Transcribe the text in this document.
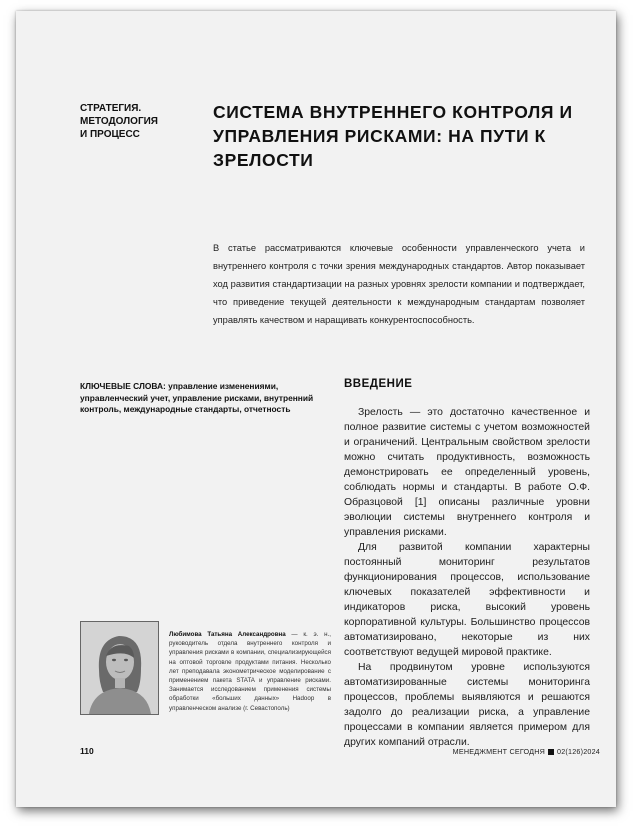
СТРАТЕГИЯ.
МЕТОДОЛОГИЯ
И ПРОЦЕСС
СИСТЕМА ВНУТРЕННЕГО КОНТРОЛЯ И УПРАВЛЕНИЯ РИСКАМИ: НА ПУТИ К ЗРЕЛОСТИ
В статье рассматриваются ключевые особенности управленческого учета и внутреннего контроля с точки зрения международных стандартов. Автор показывает ход развития стандартизации на разных уровнях зрелости компании и подтверждает, что приведение текущей деятельности к международным стандартам позволяет управлять качеством и наращивать конкурентоспособность.
КЛЮЧЕВЫЕ СЛОВА: управление изменениями, управленческий учет, управление рисками, внутренний контроль, международные стандарты, отчетность
ВВЕДЕНИЕ

Зрелость — это достаточно качественное и полное развитие системы с учетом возможностей и ограничений. Центральным свойством зрелости можно считать продуктивность, возможность демонстрировать ее определенный уровень, соблюдать нормы и стандарты. В работе О.Ф. Образцовой [1] описаны различные уровни эволюции системы внутреннего контроля и управления рисками.

Для развитой компании характерны постоянный мониторинг результатов функционирования процессов, использование ключевых показателей эффективности и индикаторов риска, высокий уровень корпоративной культуры. Большинство процессов автоматизировано, некоторые из них соответствуют ведущей мировой практике.

На продвинутом уровне используются автоматизированные системы мониторинга процессов, проблемы выявляются и решаются задолго до реализации риска, а управление процессами в компании является примером для других компаний отрасли.

Любимова Татьяна Александровна — к. э. н., руководитель отдела внутреннего контроля и управления рисками в компании, специализирующейся на оптовой торговле продуктами питания. Несколько лет преподавала эконометрическое моделирование с применением пакета STATA и управление рисками. Занимается исследованием применения системы обработки «больших данных» Hadoop в управленческом анализе (г. Севастополь)
110	МЕНЕДЖМЕНТ СЕГОДНЯ 02(126)2024
